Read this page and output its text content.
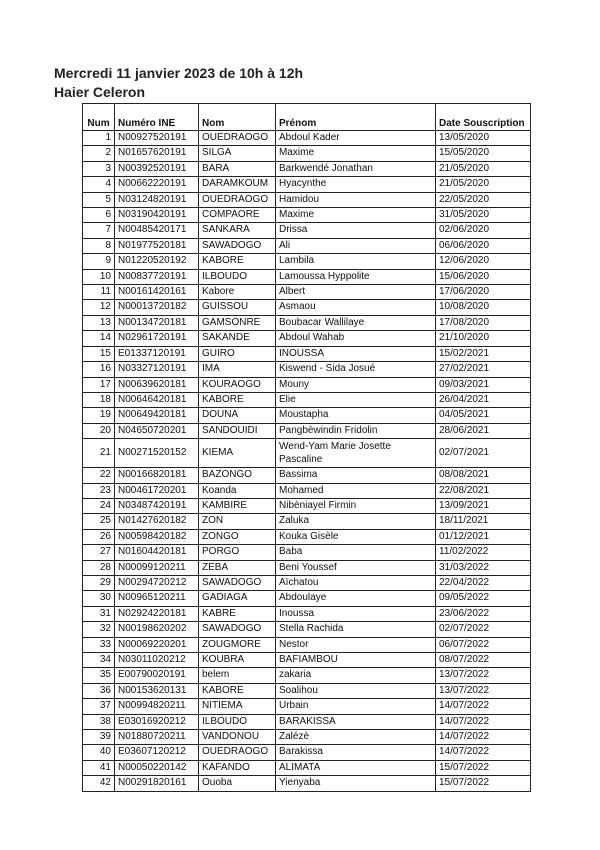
Mercredi 11 janvier 2023 de 10h à 12h
Haier Celeron
Num	Numéro INE	Nom	Prénom	Date Souscription
1	N00927520191	OUEDRAOGO	Abdoul Kader	13/05/2020
2	N01657620191	SILGA	Maxime	15/05/2020
3	N00392520191	BARA	Barkwendé Jonathan	21/05/2020
4	N00662220191	DARAMKOUM	Hyacynthe	21/05/2020
5	N03124820191	OUEDRAOGO	Hamidou	22/05/2020
6	N03190420191	COMPAORE	Maxime	31/05/2020
7	N00485420171	SANKARA	Drissa	02/06/2020
8	N01977520181	SAWADOGO	Ali	06/06/2020
9	N01220520192	KABORE	Lambila	12/06/2020
10	N00837720191	ILBOUDO	Lamoussa Hyppolite	15/06/2020
11	N00161420161	Kabore	Albert	17/06/2020
12	N00013720182	GUISSOU	Asmaou	10/08/2020
13	N00134720181	GAMSONRE	Boubacar Wallilaye	17/08/2020
14	N02961720191	SAKANDE	Abdoul Wahab	21/10/2020
15	E01337120191	GUIRO	INOUSSA	15/02/2021
16	N03327120191	IMA	Kiswend - Sida Josué	27/02/2021
17	N00639620181	KOURAOGO	Mouny	09/03/2021
18	N00646420181	KABORE	Elie	26/04/2021
19	N00649420181	DOUNA	Moustapha	04/05/2021
20	N04650720201	SANDOUIDI	Pangbèwindin Fridolin	28/06/2021
21	N00271520152	KIEMA	Wend-Yam Marie Josette Pascaline	02/07/2021
22	N00166820181	BAZONGO	Bassima	08/08/2021
23	N00461720201	Koanda	Mohamed	22/08/2021
24	N03487420191	KAMBIRE	Nibèniayel Firmin	13/09/2021
25	N01427620182	ZON	Zaluka	18/11/2021
26	N00598420182	ZONGO	Kouka Gisèle	01/12/2021
27	N01604420181	PORGO	Baba	11/02/2022
28	N00099120211	ZEBA	Beni Youssef	31/03/2022
29	N00294720212	SAWADOGO	Aïchatou	22/04/2022
30	N00965120211	GADIAGA	Abdoulaye	09/05/2022
31	N02924220181	KABRE	Inoussa	23/06/2022
32	N00198620202	SAWADOGO	Stella Rachida	02/07/2022
33	N00069220201	ZOUGMORE	Nestor	06/07/2022
34	N03011020212	KOUBRA	BAFIAMBOU	08/07/2022
35	E00790020191	belem	zakaria	13/07/2022
36	N00153620131	KABORE	Soalihou	13/07/2022
37	N00994820211	NITIEMA	Urbain	14/07/2022
38	E03016920212	ILBOUDO	BARAKISSA	14/07/2022
39	N01880720211	VANDONOU	Zalézè	14/07/2022
40	E03607120212	OUEDRAOGO	Barakissa	14/07/2022
41	N00050220142	KAFANDO	ALIMATA	15/07/2022
42	N00291820161	Ouoba	Yienyaba	15/07/2022
